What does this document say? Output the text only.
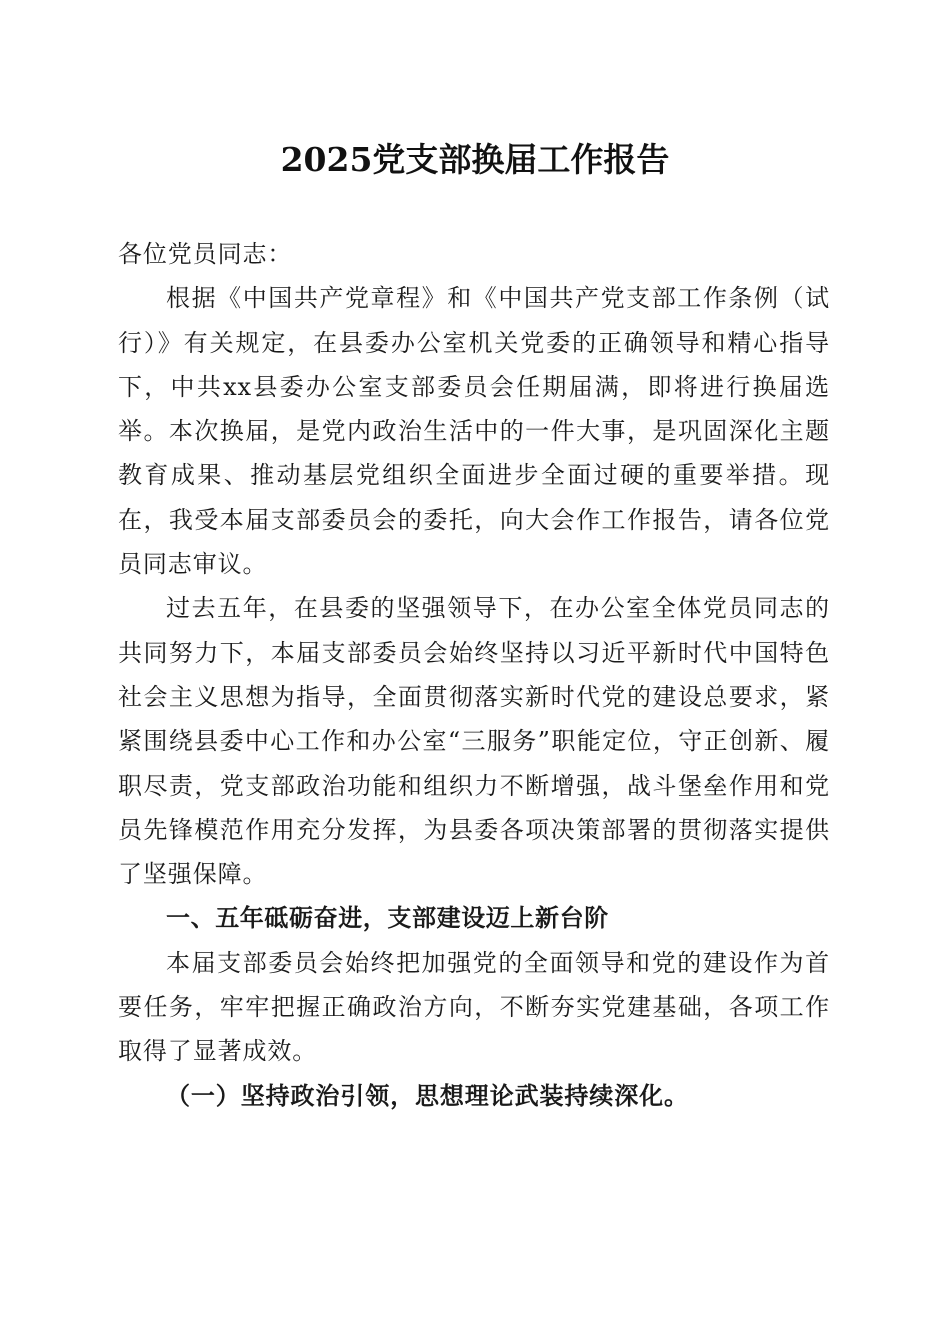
2025党支部换届工作报告

各位党员同志：

根据《中国共产党章程》和《中国共产党支部工作条例（试行）》有关规定，在县委办公室机关党委的正确领导和精心指导下，中共xx县委办公室支部委员会任期届满，即将进行换届选举。本次换届，是党内政治生活中的一件大事，是巩固深化主题教育成果、推动基层党组织全面进步全面过硬的重要举措。现在，我受本届支部委员会的委托，向大会作工作报告，请各位党员同志审议。

过去五年，在县委的坚强领导下，在办公室全体党员同志的共同努力下，本届支部委员会始终坚持以习近平新时代中国特色社会主义思想为指导，全面贯彻落实新时代党的建设总要求，紧紧围绕县委中心工作和办公室“三服务”职能定位，守正创新、履职尽责，党支部政治功能和组织力不断增强，战斗堡垒作用和党员先锋模范作用充分发挥，为县委各项决策部署的贯彻落实提供了坚强保障。

一、五年砥砺奋进，支部建设迈上新台阶

本届支部委员会始终把加强党的全面领导和党的建设作为首要任务，牢牢把握正确政治方向，不断夯实党建基础，各项工作取得了显著成效。

（一）坚持政治引领，思想理论武装持续深化。
